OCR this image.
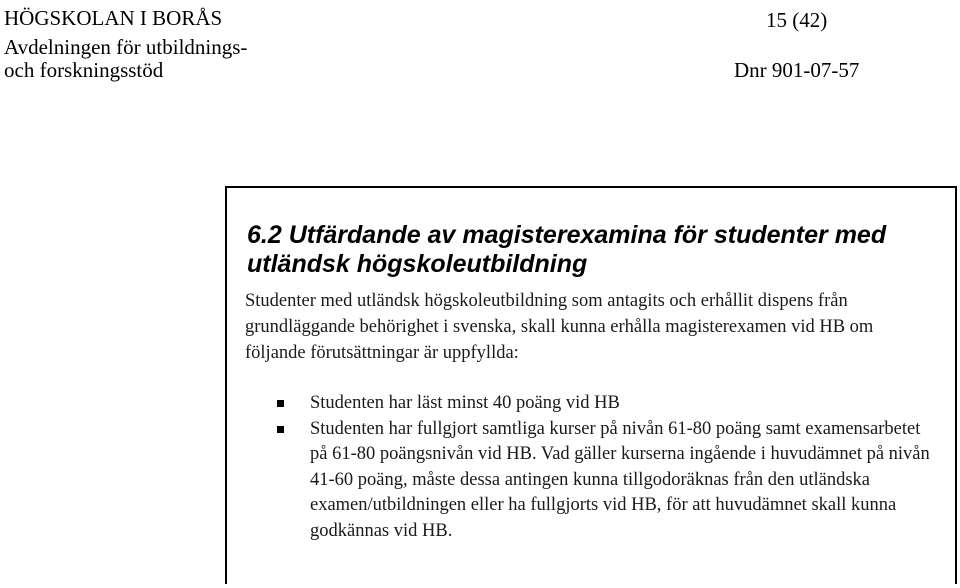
HÖGSKOLAN I BORÅS
Avdelningen för utbildnings-
och forskningsstöd
15 (42)
Dnr 901-07-57
6.2 Utfärdande av magisterexamina för studenter med utländsk högskoleutbildning

Studenter med utländsk högskoleutbildning som antagits och erhållit dispens från grundläggande behörighet i svenska, skall kunna erhålla magisterexamen vid HB om följande förutsättningar är uppfyllda:

Studenten har läst minst 40 poäng vid HB
Studenten har fullgjort samtliga kurser på nivån 61-80 poäng samt examensarbetet på 61-80 poängsnivån vid HB. Vad gäller kurserna ingående i huvudämnet på nivån 41-60 poäng, måste dessa antingen kunna tillgodoräknas från den utländska examen/utbildningen eller ha fullgjorts vid HB, för att huvudämnet skall kunna godkännas vid HB.
